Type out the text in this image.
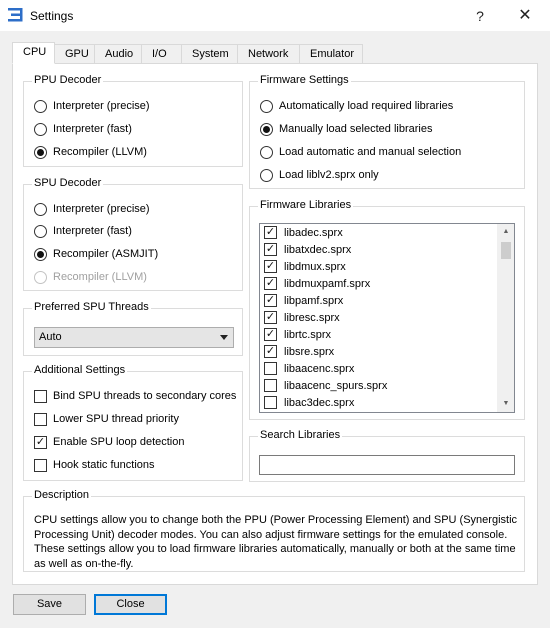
Settings	?	✕
CPU	GPU	Audio	I/O	System	Network	Emulator
PPU Decoder
Interpreter (precise)
Interpreter (fast)
Recompiler (LLVM)
SPU Decoder
Interpreter (precise)
Interpreter (fast)
Recompiler (ASMJIT)
Recompiler (LLVM)
Preferred SPU Threads
Auto
Additional Settings
Bind SPU threads to secondary cores
Lower SPU thread priority
✓ Enable SPU loop detection
Hook static functions
Firmware Settings
Automatically load required libraries
Manually load selected libraries
Load automatic and manual selection
Load liblv2.sprx only
Firmware Libraries
✓ libadec.sprx
✓ libatxdec.sprx
✓ libdmux.sprx
✓ libdmuxpamf.sprx
✓ libpamf.sprx
✓ libresc.sprx
✓ librtc.sprx
✓ libsre.sprx
libaacenc.sprx
libaacenc_spurs.sprx
libac3dec.sprx
▲
▼
Search Libraries
Description
CPU settings allow you to change both the PPU (Power Processing Element) and SPU (Synergistic
Processing Unit) decoder modes. You can also adjust firmware settings for the emulated console.
These settings allow you to load firmware libraries automatically, manually or both at the same time
as well as on-the-fly.
Save	Close
